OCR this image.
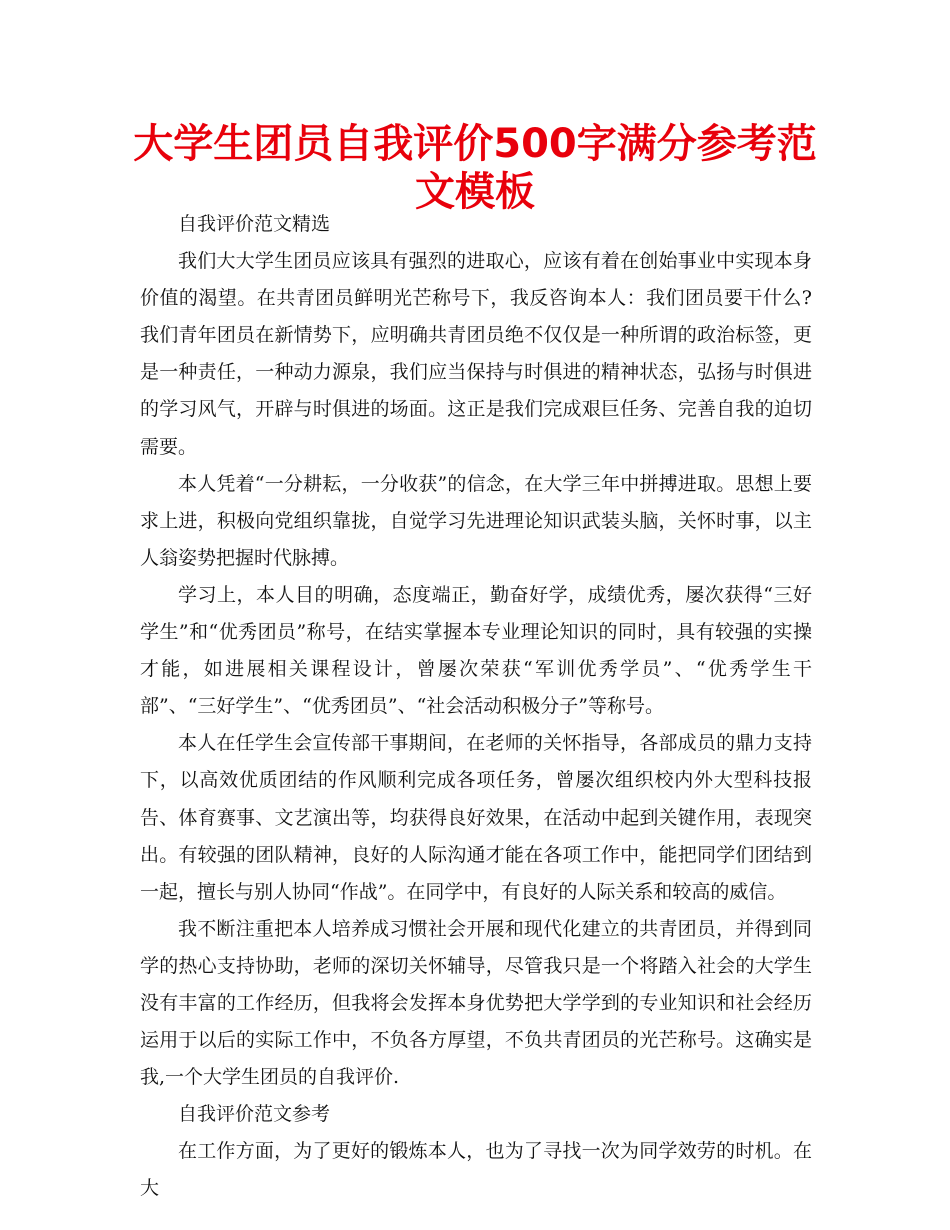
大学生团员自我评价500字满分参考范文模板

自我评价范文精选

我们大大学生团员应该具有强烈的进取心，应该有着在创始事业中实现本身价值的渴望。在共青团员鲜明光芒称号下，我反咨询本人：我们团员要干什么?我们青年团员在新情势下，应明确共青团员绝不仅仅是一种所谓的政治标签，更是一种责任，一种动力源泉，我们应当保持与时俱进的精神状态，弘扬与时俱进的学习风气，开辟与时俱进的场面。这正是我们完成艰巨任务、完善自我的迫切需要。

本人凭着“一分耕耘，一分收获”的信念，在大学三年中拼搏进取。思想上要求上进，积极向党组织靠拢，自觉学习先进理论知识武装头脑，关怀时事，以主人翁姿势把握时代脉搏。

学习上，本人目的明确，态度端正，勤奋好学，成绩优秀，屡次获得“三好学生”和“优秀团员”称号，在结实掌握本专业理论知识的同时，具有较强的实操才能，如进展相关课程设计，曾屡次荣获“军训优秀学员”、“优秀学生干部”、“三好学生”、“优秀团员”、“社会活动积极分子”等称号。

本人在任学生会宣传部干事期间，在老师的关怀指导，各部成员的鼎力支持下，以高效优质团结的作风顺利完成各项任务，曾屡次组织校内外大型科技报告、体育赛事、文艺演出等，均获得良好效果，在活动中起到关键作用，表现突出。有较强的团队精神，良好的人际沟通才能在各项工作中，能把同学们团结到一起，擅长与别人协同“作战”。在同学中，有良好的人际关系和较高的威信。

我不断注重把本人培养成习惯社会开展和现代化建立的共青团员，并得到同学的热心支持协助，老师的深切关怀辅导，尽管我只是一个将踏入社会的大学生没有丰富的工作经历，但我将会发挥本身优势把大学学到的专业知识和社会经历运用于以后的实际工作中，不负各方厚望，不负共青团员的光芒称号。这确实是我,一个大学生团员的自我评价.

自我评价范文参考

在工作方面，为了更好的锻炼本人，也为了寻找一次为同学效劳的时机。在大
